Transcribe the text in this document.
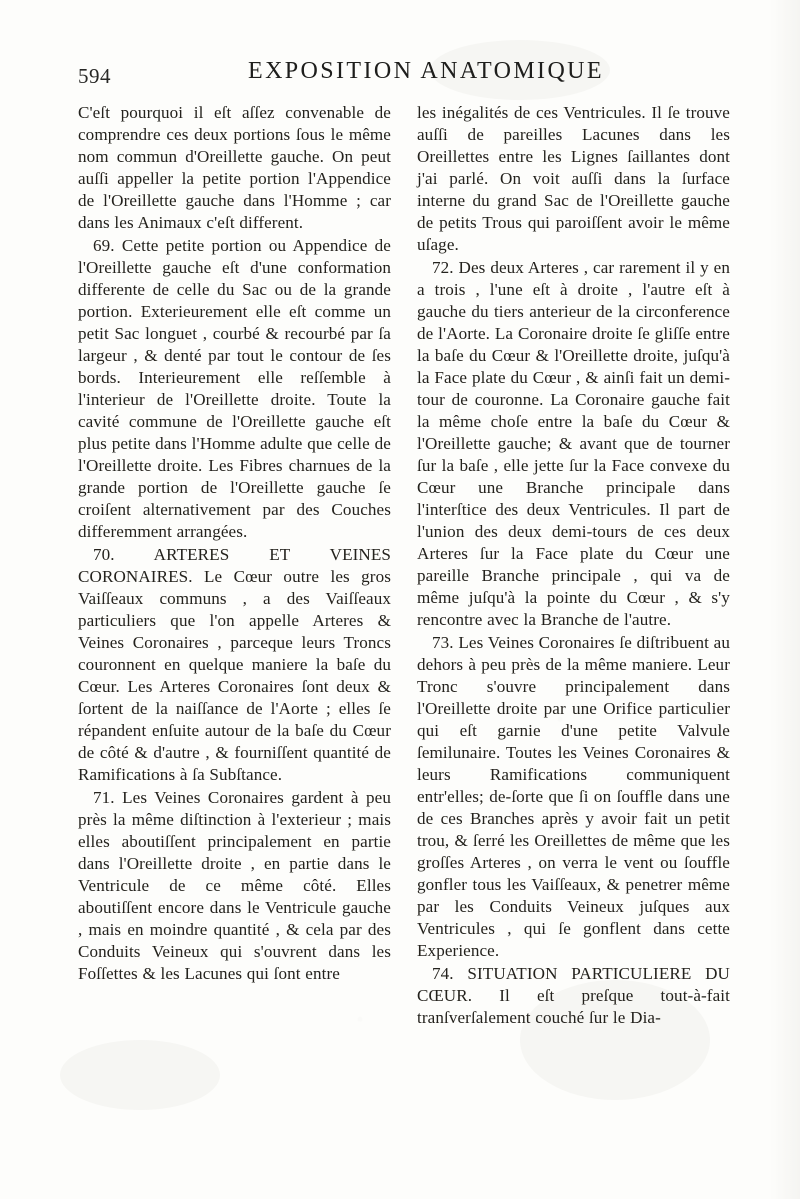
594	EXPOSITION ANATOMIQUE

C'eſt pourquoi il eſt aſſez convenable de comprendre ces deux portions ſous le même nom commun d'Oreillette gauche. On peut auſſi appeller la petite portion l'Appendice de l'Oreillette gauche dans l'Homme ; car dans les Animaux c'eſt different.

69. Cette petite portion ou Appendice de l'Oreillette gauche eſt d'une conformation differente de celle du Sac ou de la grande portion. Exterieurement elle eſt comme un petit Sac longuet , courbé & recourbé par ſa largeur , & denté par tout le contour de ſes bords. Interieurement elle reſſemble à l'interieur de l'Oreillette droite. Toute la cavité commune de l'Oreillette gauche eſt plus petite dans l'Homme adulte que celle de l'Oreillette droite. Les Fibres charnues de la grande portion de l'Oreillette gauche ſe croiſent alternativement par des Couches differemment arrangées.

70. ARTERES ET VEINES CORONAIRES. Le Cœur outre les gros Vaiſſeaux communs , a des Vaiſſeaux particuliers que l'on appelle Arteres & Veines Coronaires , parceque leurs Troncs couronnent en quelque maniere la baſe du Cœur. Les Arteres Coronaires ſont deux & ſortent de la naiſſance de l'Aorte ; elles ſe répandent enſuite autour de la baſe du Cœur de côté & d'autre , & fourniſſent quantité de Ramifications à ſa Subſtance.

71. Les Veines Coronaires gardent à peu près la même diſtinction à l'exterieur ; mais elles aboutiſſent principalement en partie dans l'Oreillette droite , en partie dans le Ventricule de ce même côté. Elles aboutiſſent encore dans le Ventricule gauche , mais en moindre quantité , & cela par des Conduits Veineux qui s'ouvrent dans les Foſſettes & les Lacunes qui ſont entre

les inégalités de ces Ventricules. Il ſe trouve auſſi de pareilles Lacunes dans les Oreillettes entre les Lignes ſaillantes dont j'ai parlé. On voit auſſi dans la ſurface interne du grand Sac de l'Oreillette gauche de petits Trous qui paroiſſent avoir le même uſage.

72. Des deux Arteres , car rarement il y en a trois , l'une eſt à droite , l'autre eſt à gauche du tiers anterieur de la circonference de l'Aorte. La Coronaire droite ſe gliſſe entre la baſe du Cœur & l'Oreillette droite, juſqu'à la Face plate du Cœur , & ainſi fait un demi-tour de couronne. La Coronaire gauche fait la même choſe entre la baſe du Cœur & l'Oreillette gauche; & avant que de tourner ſur la baſe , elle jette ſur la Face convexe du Cœur une Branche principale dans l'interſtice des deux Ventricules. Il part de l'union des deux demi-tours de ces deux Arteres ſur la Face plate du Cœur une pareille Branche principale , qui va de même juſqu'à la pointe du Cœur , & s'y rencontre avec la Branche de l'autre.

73. Les Veines Coronaires ſe diſtribuent au dehors à peu près de la même maniere. Leur Tronc s'ouvre principalement dans l'Oreillette droite par une Orifice particulier qui eſt garnie d'une petite Valvule ſemilunaire. Toutes les Veines Coronaires & leurs Ramifications communiquent entr'elles; de-ſorte que ſi on ſouffle dans une de ces Branches après y avoir fait un petit trou, & ſerré les Oreillettes de même que les groſſes Arteres , on verra le vent ou ſouffle gonfler tous les Vaiſſeaux, & penetrer même par les Conduits Veineux juſques aux Ventricules , qui ſe gonflent dans cette Experience.

74. SITUATION PARTICULIERE DU CŒUR. Il eſt preſque tout-à-fait tranſverſalement couché ſur le Dia-
